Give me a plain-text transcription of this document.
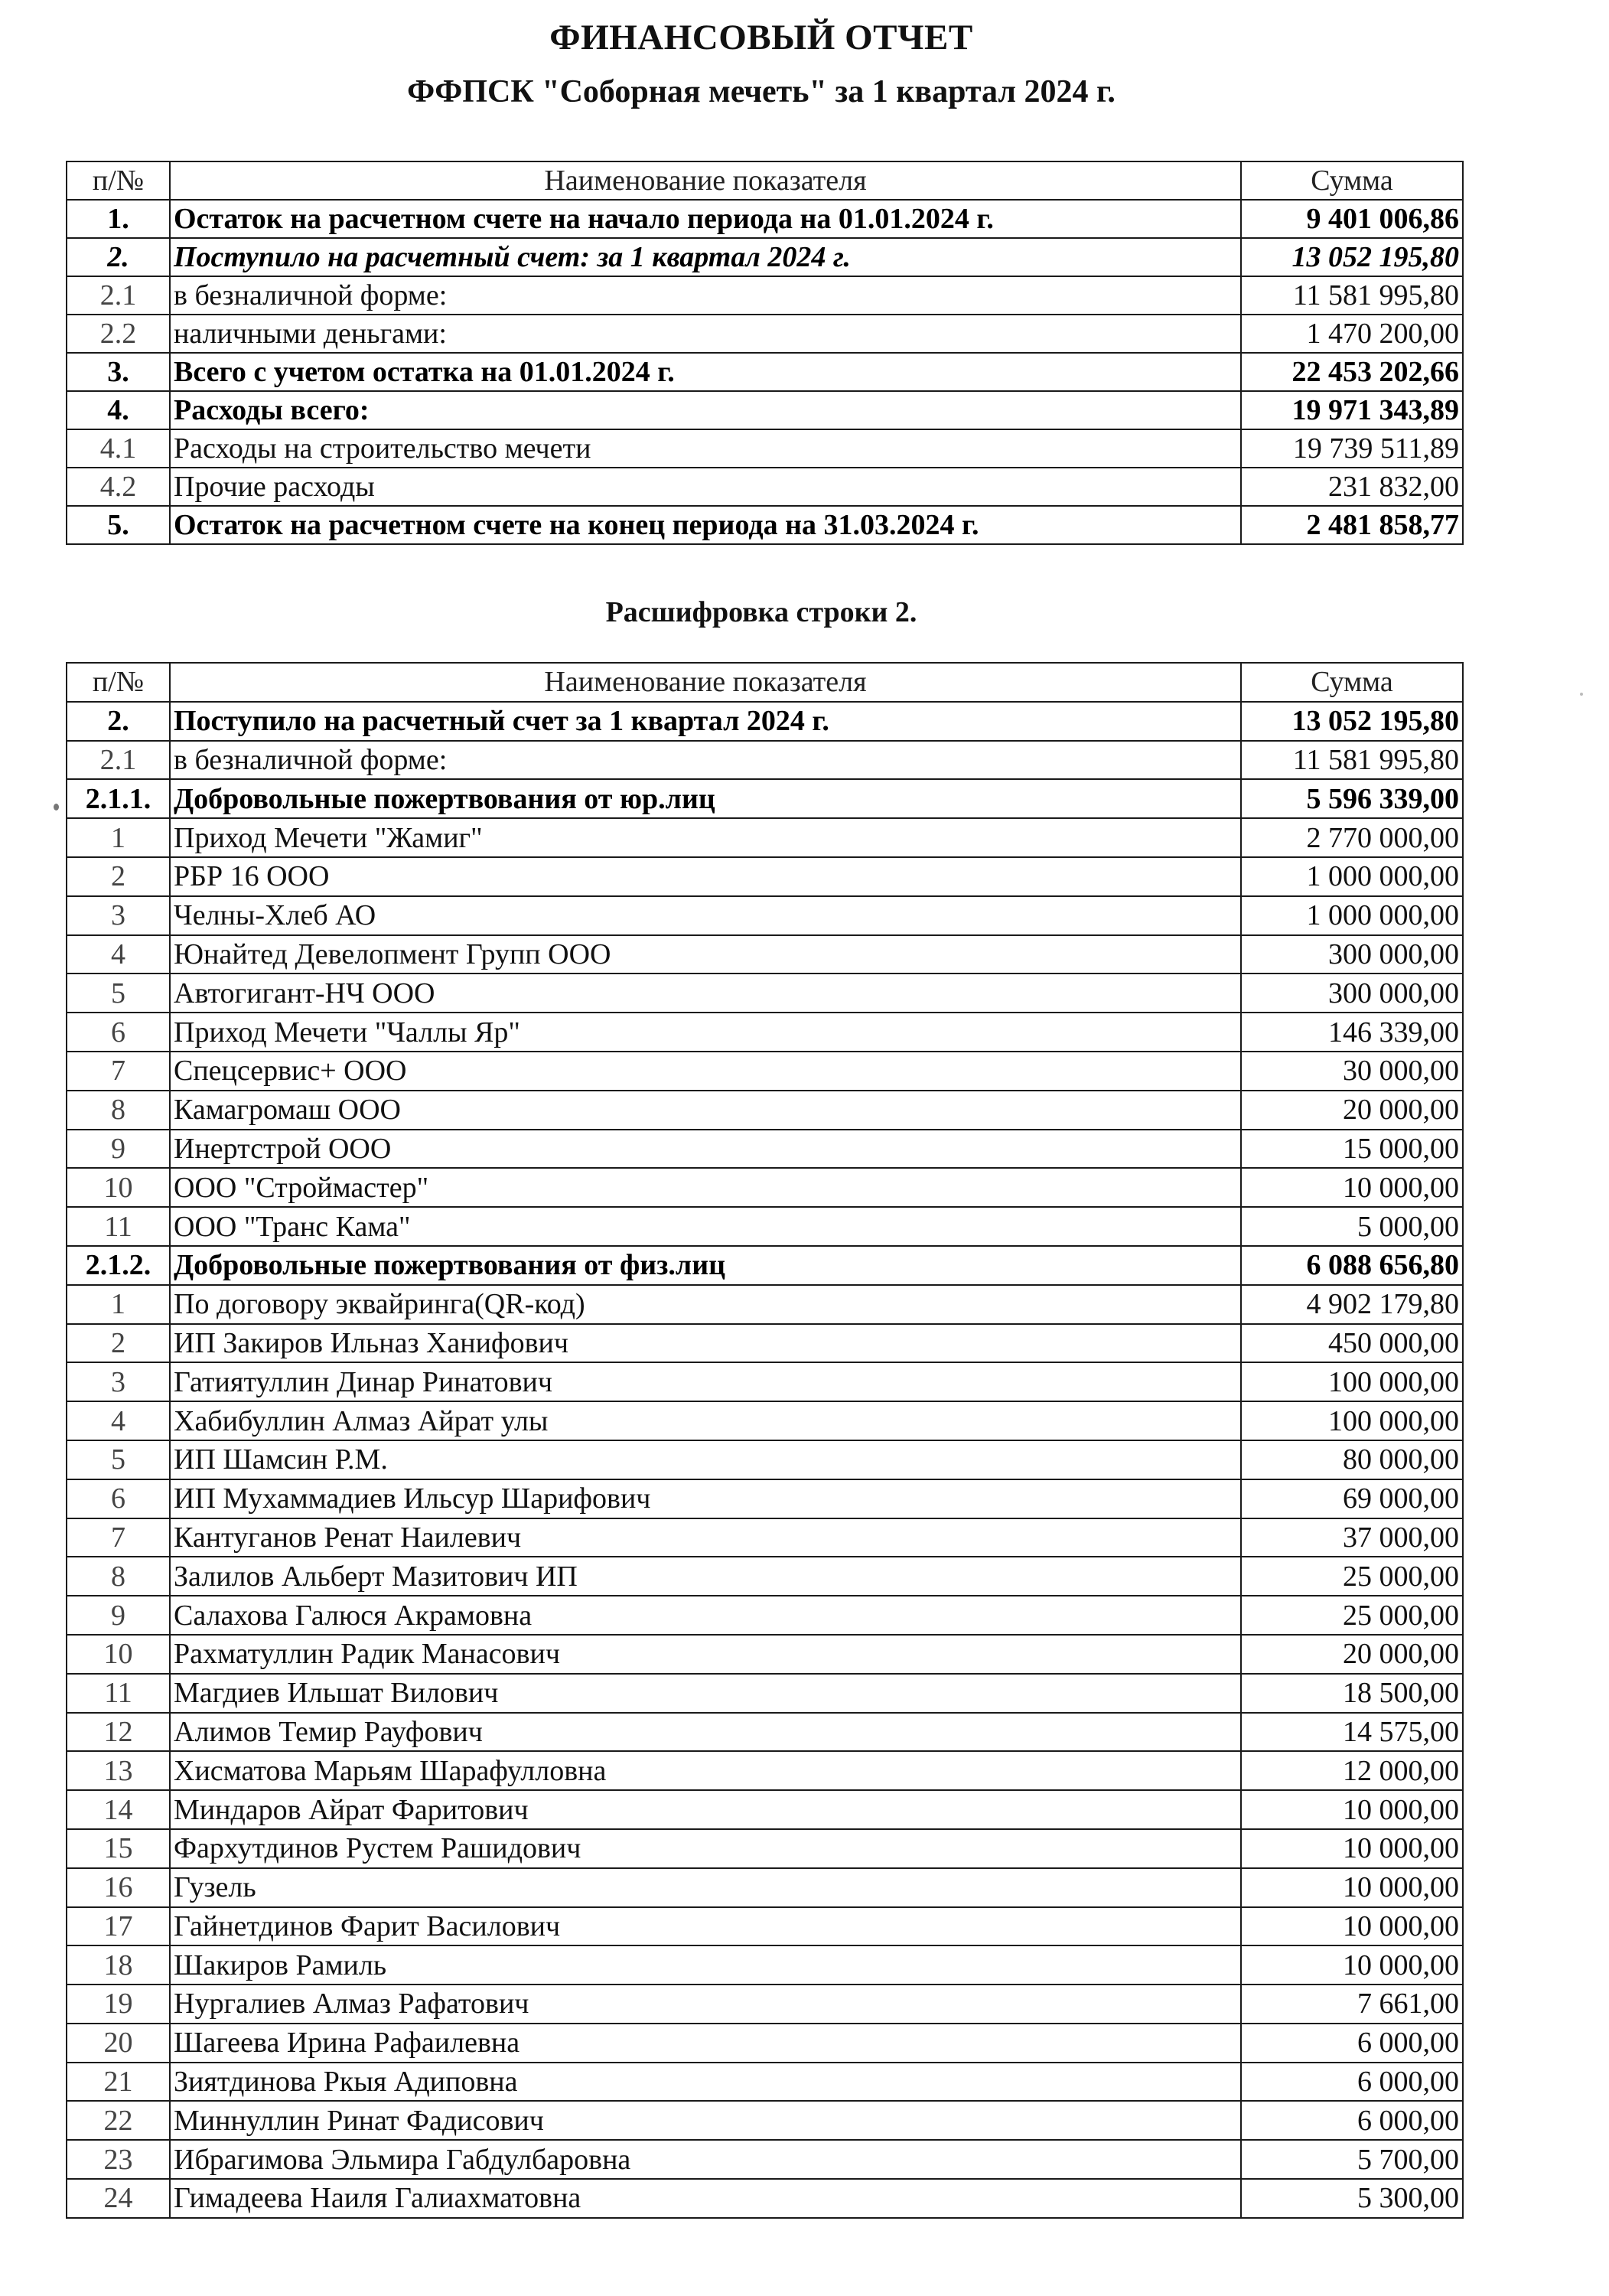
ФИНАНСОВЫЙ ОТЧЕТ
ФФПСК "Соборная мечеть" за 1 квартал 2024 г.
п/№	Наименование показателя	Сумма
1.	Остаток на расчетном счете на начало периода на 01.01.2024 г.	9 401 006,86
2.	Поступило на расчетный счет: за 1 квартал 2024 г.	13 052 195,80
2.1	в безналичной форме:	11 581 995,80
2.2	наличными деньгами:	1 470 200,00
3.	Всего с учетом остатка на 01.01.2024 г.	22 453 202,66
4.	Расходы всего:	19 971 343,89
4.1	Расходы на строительство мечети	19 739 511,89
4.2	Прочие расходы	231 832,00
5.	Остаток на расчетном счете на конец периода на 31.03.2024 г.	2 481 858,77
Расшифровка строки 2.
п/№	Наименование показателя	Сумма
2.	Поступило на расчетный счет за 1 квартал 2024 г.	13 052 195,80
2.1	в безналичной форме:	11 581 995,80
2.1.1.	Добровольные пожертвования от юр.лиц	5 596 339,00
1	Приход Мечети "Жамиг"	2 770 000,00
2	РБР 16 ООО	1 000 000,00
3	Челны-Хлеб АО	1 000 000,00
4	Юнайтед Девелопмент Групп ООО	300 000,00
5	Автогигант-НЧ ООО	300 000,00
6	Приход Мечети "Чаллы Яр"	146 339,00
7	Спецсервис+ ООО	30 000,00
8	Камагромаш ООО	20 000,00
9	Инертстрой ООО	15 000,00
10	ООО "Строймастер"	10 000,00
11	ООО "Транс Кама"	5 000,00
2.1.2.	Добровольные пожертвования от физ.лиц	6 088 656,80
1	По договору эквайринга(QR-код)	4 902 179,80
2	ИП Закиров Ильназ Ханифович	450 000,00
3	Гатиятуллин Динар Ринатович	100 000,00
4	Хабибуллин Алмаз Айрат улы	100 000,00
5	ИП Шамсин Р.М.	80 000,00
6	ИП Мухаммадиев Ильсур Шарифович	69 000,00
7	Кантуганов Ренат Наилевич	37 000,00
8	Залилов Альберт Мазитович ИП	25 000,00
9	Салахова Галюся Акрамовна	25 000,00
10	Рахматуллин Радик Манасович	20 000,00
11	Магдиев Ильшат Вилович	18 500,00
12	Алимов Темир Рауфович	14 575,00
13	Хисматова Марьям Шарафулловна	12 000,00
14	Миндаров Айрат Фаритович	10 000,00
15	Фархутдинов Рустем Рашидович	10 000,00
16	Гузель	10 000,00
17	Гайнетдинов Фарит Василович	10 000,00
18	Шакиров Рамиль	10 000,00
19	Нургалиев Алмаз Рафатович	7 661,00
20	Шагеева Ирина Рафаилевна	6 000,00
21	Зиятдинова Ркыя Адиповна	6 000,00
22	Миннуллин Ринат Фадисович	6 000,00
23	Ибрагимова Эльмира Габдулбаровна	5 700,00
24	Гимадеева Наиля Галиахматовна	5 300,00
